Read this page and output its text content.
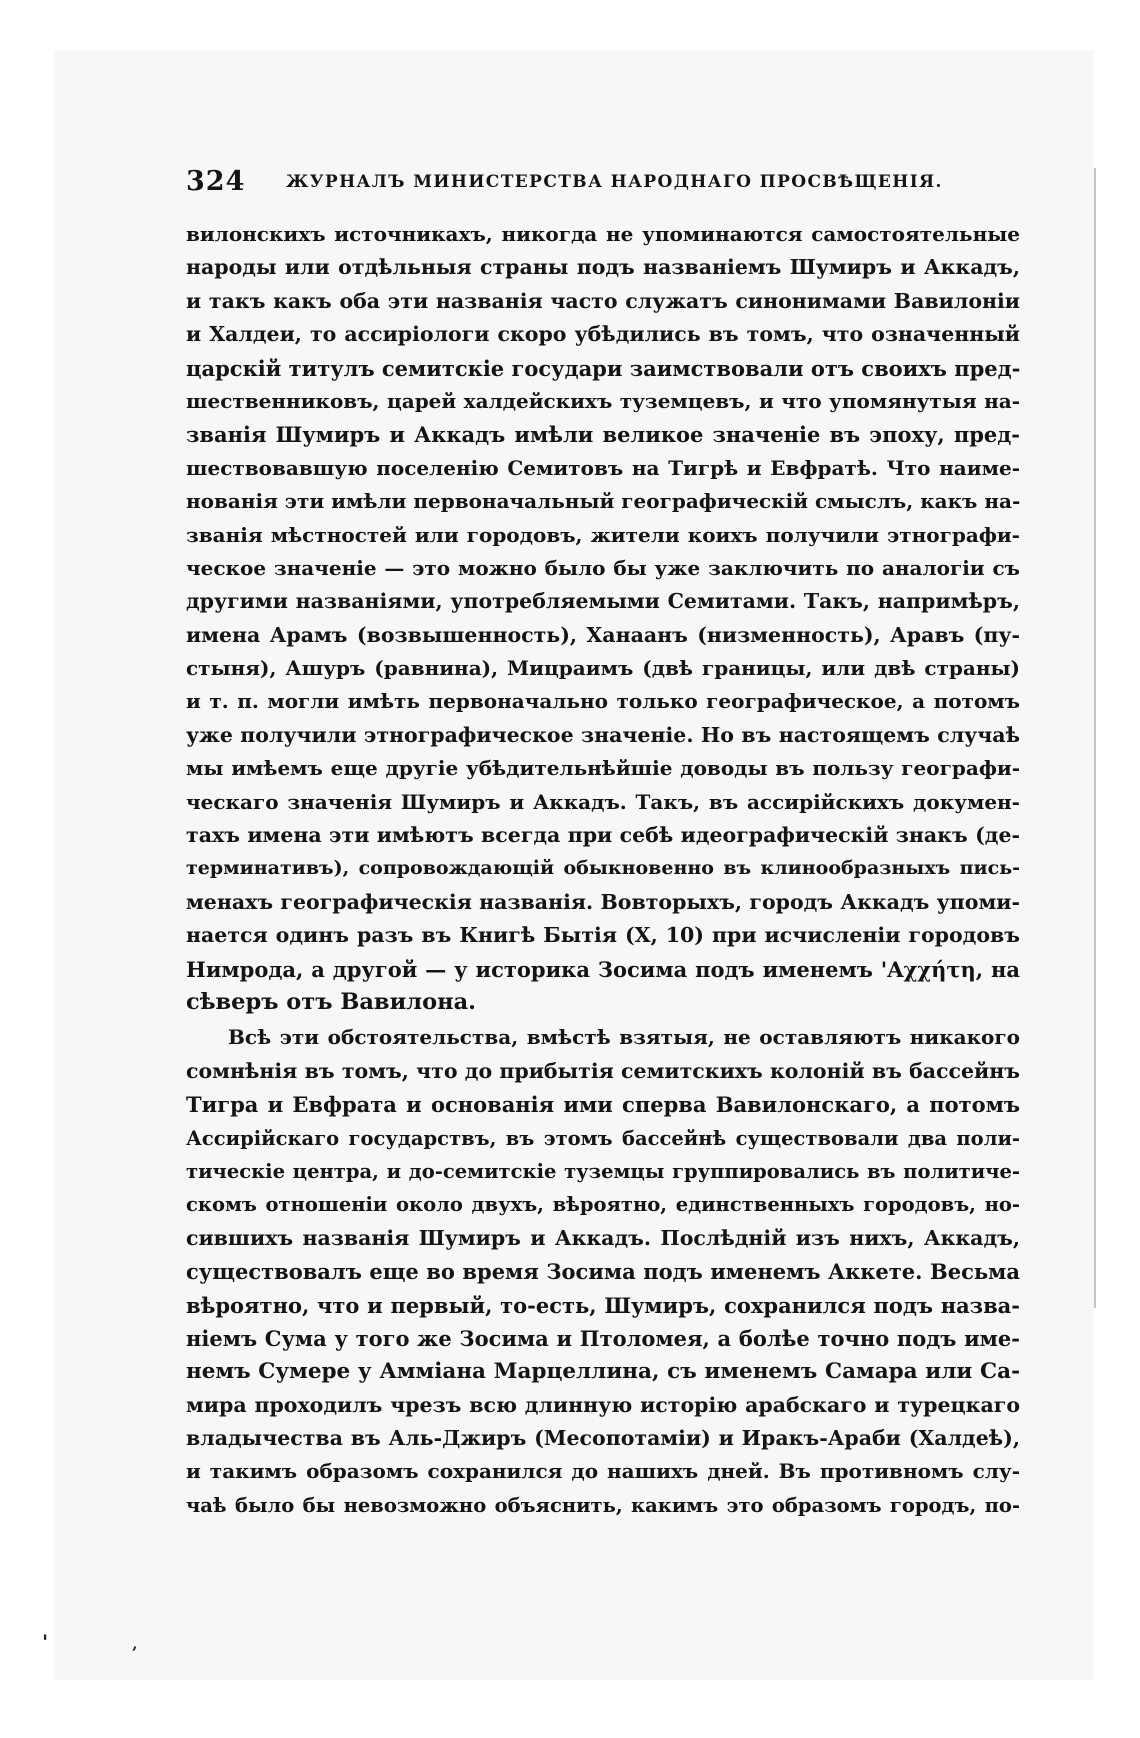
324 ЖУРНАЛЪ МИНИСТЕРСТВА НАРОДНАГО ПРОСВѢЩЕНІЯ.
вилонскихъ источникахъ, никогда не упоминаются самостоятельные
народы или отдѣльныя страны подъ названіемъ Шумиръ и Аккадъ,
и такъ какъ оба эти названія часто служатъ синонимами Вавилоніи
и Халдеи, то ассиріологи скоро убѣдились въ томъ, что означенный
царскій титулъ семитскіе государи заимствовали отъ своихъ пред-
шественниковъ, царей халдейскихъ туземцевъ, и что упомянутыя на-
званія Шумиръ и Аккадъ имѣли великое значеніе въ эпоху, пред-
шествовавшую поселенію Семитовъ на Тигрѣ и Евфратѣ. Что наиме-
нованія эти имѣли первоначальный географическій смыслъ, какъ на-
званія мѣстностей или городовъ, жители коихъ получили этнографи-
ческое значеніе — это можно было бы уже заключить по аналогіи съ
другими названіями, употребляемыми Семитами. Такъ, напримѣръ,
имена Арамъ (возвышенность), Ханаанъ (низменность), Аравъ (пу-
стыня), Ашуръ (равнина), Мицраимъ (двѣ границы, или двѣ страны)
и т. п. могли имѣть первоначально только географическое, а потомъ
уже получили этнографическое значеніе. Но въ настоящемъ случаѣ
мы имѣемъ еще другіе убѣдительнѣйшіе доводы въ пользу географи-
ческаго значенія Шумиръ и Аккадъ. Такъ, въ ассирійскихъ докумен-
тахъ имена эти имѣютъ всегда при себѣ идеографическій знакъ (де-
терминативъ), сопровождающій обыкновенно въ клинообразныхъ пись-
менахъ географическія названія. Вовторыхъ, городъ Аккадъ упоми-
нается одинъ разъ въ Книгѣ Бытія (X, 10) при исчисленіи городовъ
Нимрода, а другой — у историка Зосима подъ именемъ 'Αχχήτη, на
сѣверъ отъ Вавилона.
Всѣ эти обстоятельства, вмѣстѣ взятыя, не оставляютъ никакого
сомнѣнія въ томъ, что до прибытія семитскихъ колоній въ бассейнъ
Тигра и Евфрата и основанія ими сперва Вавилонскаго, а потомъ
Ассирійскаго государствъ, въ этомъ бассейнѣ существовали два поли-
тическіе центра, и до-семитскіе туземцы группировались въ политиче-
скомъ отношеніи около двухъ, вѣроятно, единственныхъ городовъ, но-
сившихъ названія Шумиръ и Аккадъ. Послѣдній изъ нихъ, Аккадъ,
существовалъ еще во время Зосима подъ именемъ Аккете. Весьма
вѣроятно, что и первый, то-есть, Шумиръ, сохранился подъ назва-
ніемъ Сума у того же Зосима и Птоломея, а болѣе точно подъ име-
немъ Сумере у Амміана Марцеллина, съ именемъ Самара или Са-
мира проходилъ чрезъ всю длинную исторію арабскаго и турецкаго
владычества въ Аль-Джиръ (Месопотаміи) и Иракъ-Араби (Халдеѣ),
и такимъ образомъ сохранился до нашихъ дней. Въ противномъ слу-
чаѣ было бы невозможно объяснить, какимъ это образомъ городъ, по-
'	‚
